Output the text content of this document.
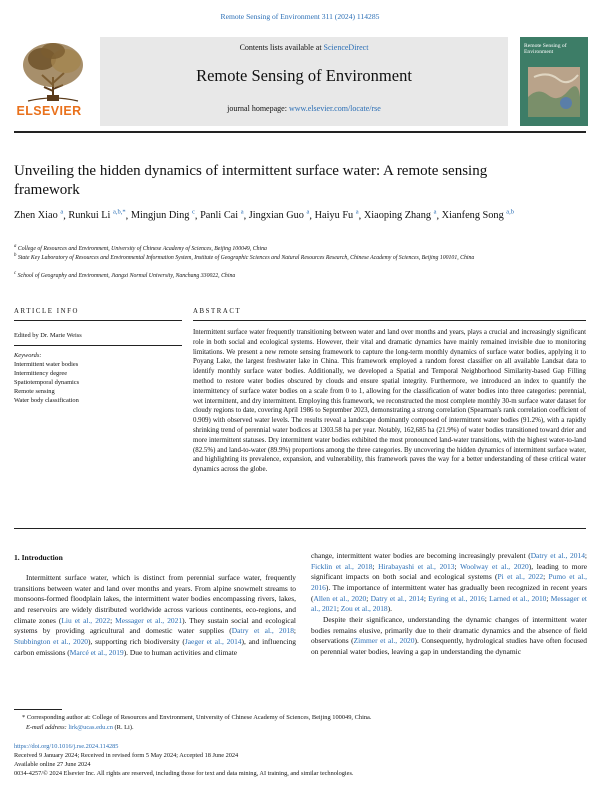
Remote Sensing of Environment 311 (2024) 114285
ELSEVIER
Contents lists available at ScienceDirect
Remote Sensing of Environment
journal homepage: www.elsevier.com/locate/rse
Remote Sensing of Environment
Unveiling the hidden dynamics of intermittent surface water: A remote sensing framework
Zhen Xiao $^a$, Runkui Li $^{a,b,*}$, Mingjun Ding $^c$, Panli Cai $^a$, Jingxian Guo $^a$, Haiyu Fu $^a$, Xiaoping Zhang $^a$, Xianfeng Song $^{a,b}$
$^a$ College of Resources and Environment, University of Chinese Academy of Sciences, Beijing 100049, China
$^b$ State Key Laboratory of Resources and Environmental Information System, Institute of Geographic Sciences and Natural Resources Research, Chinese Academy of Sciences, Beijing 100101, China
$^c$ School of Geography and Environment, Jiangxi Normal University, Nanchang 330022, China
ARTICLE INFO
Edited by Dr. Marie Weiss
Keywords:
Intermittent water bodies
Intermittency degree
Spatiotemporal dynamics
Remote sensing
Water body classification
ABSTRACT
Intermittent surface water frequently transitioning between water and land over months and years, plays a crucial and increasingly significant role in both social and ecological systems. However, their vital and dramatic dynamics have mainly remained invisible due to monitoring limitations. We present a new remote sensing framework to capture the long-term monthly dynamics of surface water bodies, applying it to Poyang Lake, the largest freshwater lake in China. This framework employed a random forest classifier on all available Landsat data to identify monthly surface water bodies. Additionally, we developed a Spatial and Temporal Neighborhood Similarity-based Gap Filling method to restore water bodies obscured by clouds and ensure spatial integrity. Furthermore, we introduced an index to quantify the intermittency of surface water bodies on a scale from 0 to 1, allowing for the classification of water bodies into three categories: perennial, wet intermittent, and dry intermittent. Employing this framework, we reconstructed the most complete monthly 30-m surface water dataset for cloudy regions to date, covering April 1986 to September 2023, demonstrating a strong correlation (Spearman's rank correlation coefficient of 0.909) with observed water levels. The results reveal a landscape dominantly composed of intermittent water bodies (91.2%), with a rapidly shrinking trend of perennial water bodices at 1303.58 ha per year. Notably, 162,685 ha (21.9%) of water bodies transitioned toward drier and more intermittent statuses. Dry intermittent water bodies exhibited the most pronounced land-water transitions, with the highest water-to-land (82.5%) and land-to-water (89.9%) proportions among the three categories. By uncovering the hidden dynamics of intermittent surface water, and highlighting its prevalence, expansion, and vulnerability, this framework paves the way for a better understanding of these critical water dynamics across the globe.
1. Introduction

Intermittent surface water, which is distinct from perennial surface water, frequently transitions between water and land over months and years. From alpine snowmelt streams to monsoons-formed floodplain lakes, the intermittent water bodies encompassing rivers, lakes, and reservoirs are widely distributed worldwide across various continents, eco-regions, and climate zones (Liu et al., 2022; Messager et al., 2021). They sustain social and ecological systems by providing agricultural and domestic water supplies (Datry et al., 2018; Stubbington et al., 2020), supporting rich biodiversity (Jaeger et al., 2014), and influencing carbon emissions (Marcé et al., 2019). Due to human activities and climate

change, intermittent water bodies are becoming increasingly prevalent (Datry et al., 2014; Ficklin et al., 2018; Hirabayashi et al., 2013; Woolway et al., 2020), leading to more significant impacts on both social and ecological systems (Pi et al., 2022; Pumo et al., 2016). The importance of intermittent water has gradually been recognized in recent years (Allen et al., 2020; Datry et al., 2014; Eyring et al., 2016; Larned et al., 2010; Messager et al., 2021; Zou et al., 2018).

Despite their significance, understanding the dynamic changes of intermittent water bodies remains elusive, primarily due to their dramatic dynamics and the absence of field observations (Zimmer et al., 2020). Consequently, hydrological studies have often focused on perennial water bodies, leaving a gap in understanding the dynamic

* Corresponding author at: College of Resources and Environment, University of Chinese Academy of Sciences, Beijing 100049, China.
E-mail address: lirk@ucas.edu.cn (R. Li).
https://doi.org/10.1016/j.rse.2024.114285
Received 9 January 2024; Received in revised form 5 May 2024; Accepted 18 June 2024
Available online 27 June 2024
0034-4257/© 2024 Elsevier Inc. All rights are reserved, including those for text and data mining, AI training, and similar technologies.
